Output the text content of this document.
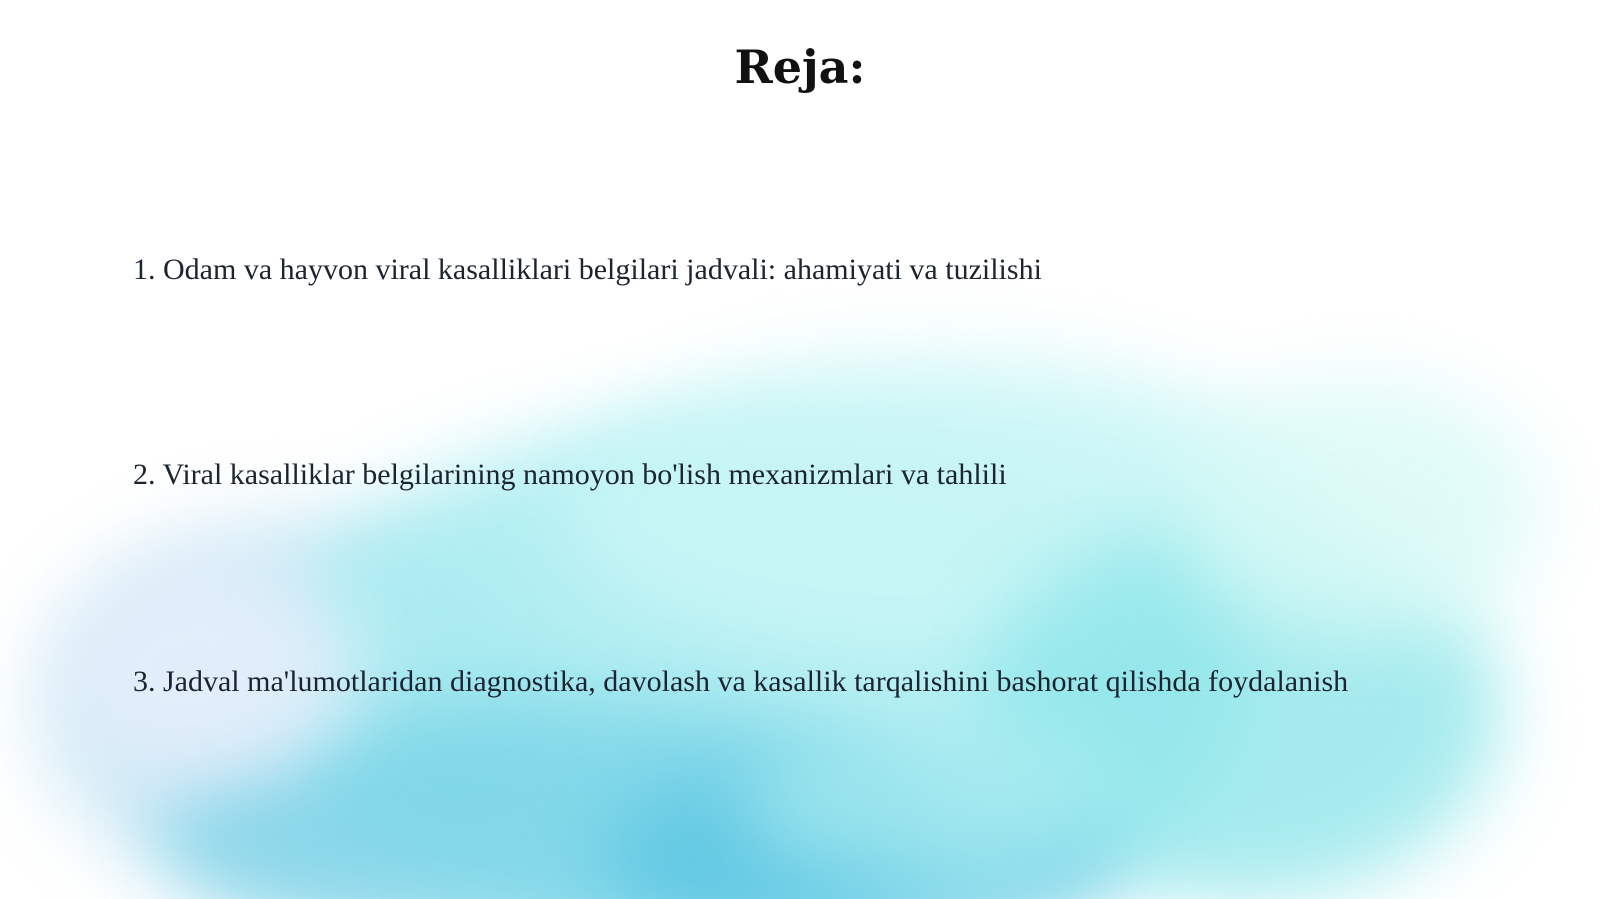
Reja:

1. Odam va hayvon viral kasalliklari belgilari jadvali: ahamiyati va tuzilishi

2. Viral kasalliklar belgilarining namoyon bo'lish mexanizmlari va tahlili

3. Jadval ma'lumotlaridan diagnostika, davolash va kasallik tarqalishini bashorat qilishda foydalanish
